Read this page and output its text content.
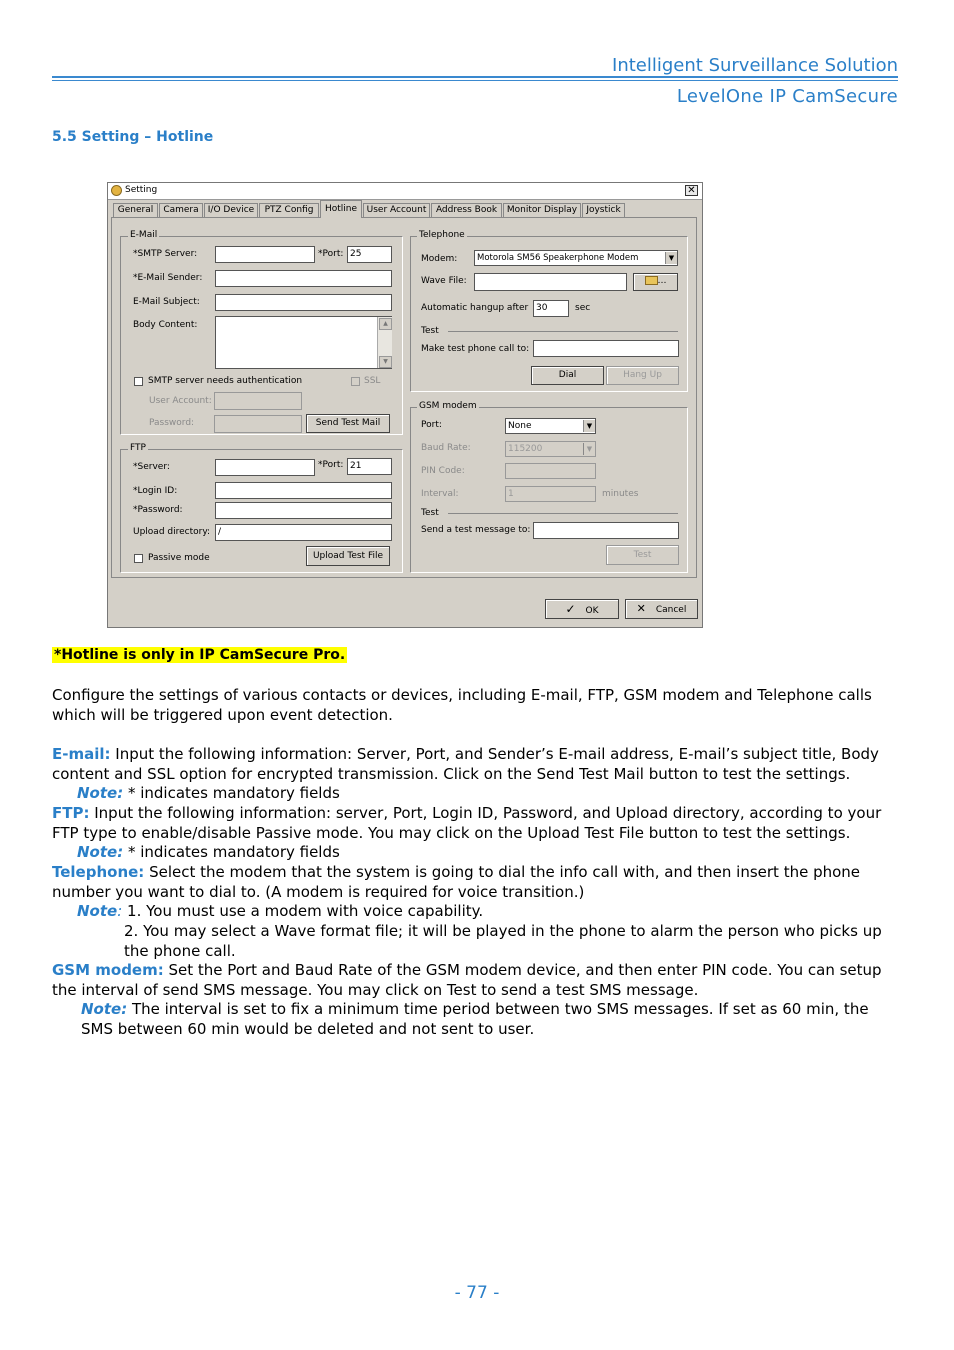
Intelligent Surveillance Solution
LevelOne IP CamSecure
5.5 Setting – Hotline
Setting	✕
General	Camera	I/O Device	PTZ Config	Hotline	User Account	Address Book	Monitor Display	Joystick
E-Mail
*SMTP Server:	*Port: 25
*E-Mail Sender:
E-Mail Subject:
Body Content:	▲
▼
SMTP server needs authentication	SSL
User Account:
Password:	Send Test Mail
FTP
*Server:	*Port: 21
*Login ID:
*Password:
Upload directory: /
Passive mode	Upload Test File
Telephone
Modem:	Motorola SM56 Speakerphone Modem	▼
Wave File:	…
Automatic hangup after 30	sec
Test
Make test phone call to:
Dial	Hang Up
GSM modem
Port:	None	▼
Baud Rate:	115200	▼
PIN Code:
Interval:	1	minutes
Test
Send a test message to:
Test
✓ OK	✕ Cancel
*Hotline is only in IP CamSecure Pro.
Configure the settings of various contacts or devices, including E-mail, FTP, GSM modem and Telephone calls which will be triggered upon event detection.
E-mail: Input the following information: Server, Port, and Sender’s E-mail address, E-mail’s subject title, Body content and SSL option for encrypted transmission. Click on the Send Test Mail button to test the settings.
Note: * indicates mandatory fields
FTP: Input the following information: server, Port, Login ID, Password, and Upload directory, according to your FTP type to enable/disable Passive mode. You may click on the Upload Test File button to test the settings.
Note: * indicates mandatory fields
Telephone: Select the modem that the system is going to dial the info call with, and then insert the phone number you want to dial to. (A modem is required for voice transition.)
Note: 1. You must use a modem with voice capability.
2. You may select a Wave format file; it will be played in the phone to alarm the person who picks up the phone call.
GSM modem: Set the Port and Baud Rate of the GSM modem device, and then enter PIN code. You can setup the interval of send SMS message. You may click on Test to send a test SMS message.
Note: The interval is set to fix a minimum time period between two SMS messages. If set as 60 min, the SMS between 60 min would be deleted and not sent to user.
- 77 -
